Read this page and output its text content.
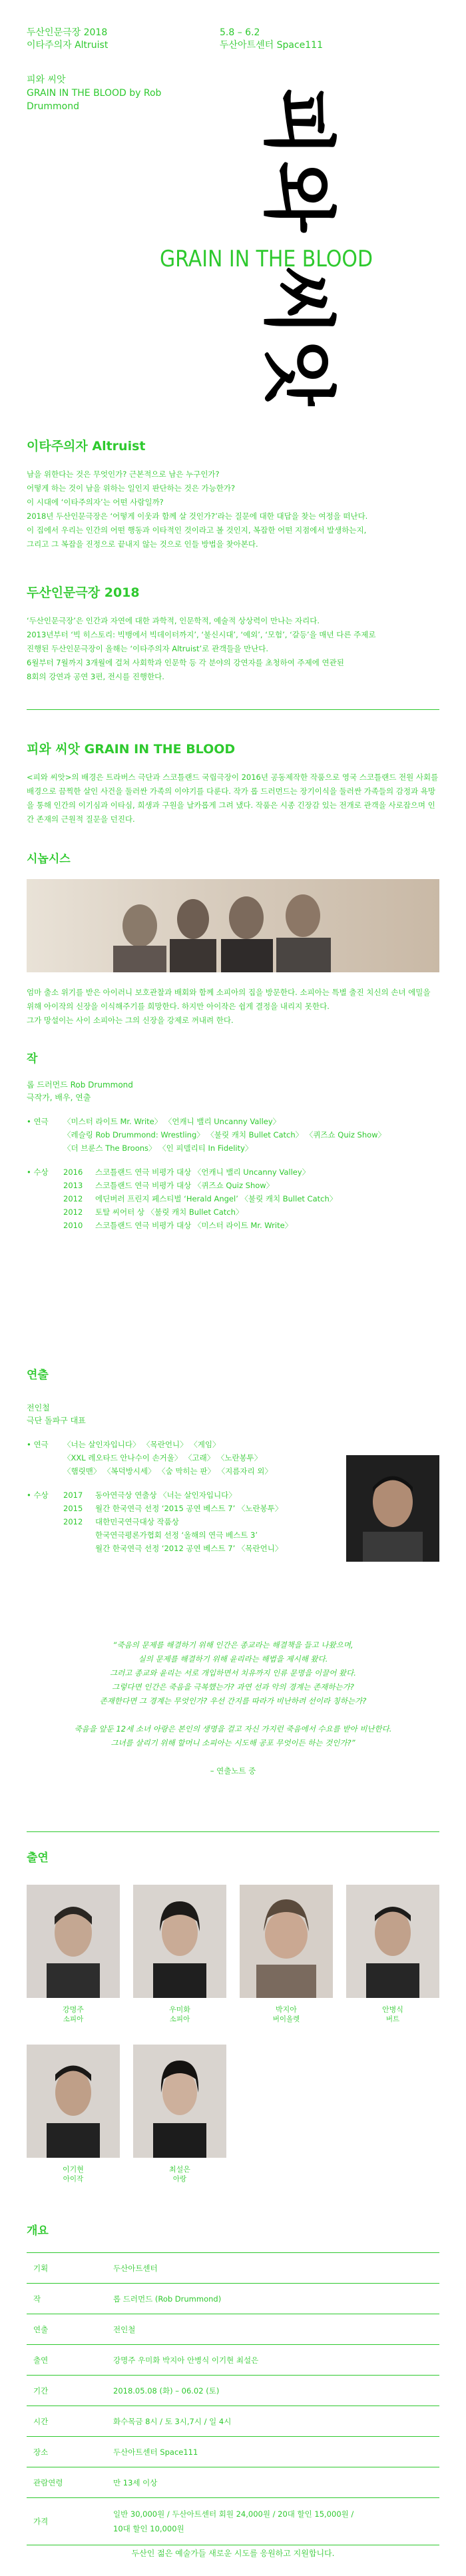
두산인문극장 2018
이타주의자 Altruist
5.8 – 6.2
두산아트센터 Space111
피와 씨앗
GRAIN IN THE BLOOD by Rob Drummond	피와 씨앗
GRAIN IN THE BLOOD
이타주의자 Altruist

남을 위한다는 것은 무엇인가? 근본적으로 남은 누구인가?
어떻게 하는 것이 남을 위하는 일인지 판단하는 것은 가능한가?
이 시대에 ‘이타주의자’는 어떤 사람일까?
2018년 두산인문극장은 ‘어떻게 이웃과 함께 살 것인가?’라는 질문에 대한 대답을 찾는 여정을 떠난다.
이 집에서 우리는 인간의 어떤 행동과 이타적인 것이라고 볼 것인지, 복잡한 어떤 지점에서 발생하는지,
그리고 그 복잡을 진정으로 끝내지 않는 것으로 인들 방법을 찾아본다.

두산인문극장 2018

‘두산인문극장’은 인간과 자연에 대한 과학적, 인문학적, 예술적 상상력이 만나는 자리다.
2013년부터 ‘빅 히스토리: 빅뱅에서 빅데이터까지’, ‘불신시대’, ‘예외’, ‘모험’, ‘갈등’을 매년 다른 주제로
진행된 두산인문극장이 올해는 ‘이타주의자 Altruist’로 관객들을 만난다.
6월부터 7월까지 3개월에 걸쳐 사회학과 인문학 등 각 분야의 강연자를 초청하여 주제에 연관된
8회의 강연과 공연 3편, 전시를 진행한다.

피와 씨앗 GRAIN IN THE BLOOD

<피와 씨앗>의 배경은 트라버스 극단과 스코틀랜드 국립극장이 2016년 공동제작한 작품으로 영국 스코틀랜드 전원 사회를 배경으로 끔찍한 살인 사건을 둘러싼 가족의 이야기를 다룬다. 작가 롭 드러먼드는 장기이식을 둘러싼 가족들의 감정과 욕망을 통해 인간의 이기심과 이타심, 희생과 구원을 날카롭게 그려 냈다. 작품은 시종 긴장감 있는 전개로 관객을 사로잡으며 인간 존재의 근원적 질문을 던진다.

시놉시스

엄마 출소 위기를 받은 아이러니 보호관찰과 배회와 함께 소피아의 집을 방문한다. 소피아는 특별 출진 치신의 손녀 에밀을 위해 아이작의 신장을 이식해주기를 희망한다. 하지만 아이작은 쉽게 결정을 내리지 못한다.
그가 망설이는 사이 소피아는 그의 신장을 강제로 꺼내려 한다.

작
롭 드러먼드 Rob Drummond
극작가, 배우, 연출
• 연극	〈미스터 라이트 Mr. Write〉 〈언캐니 밸리 Uncanny Valley〉
〈레슬링 Rob Drummond: Wrestling〉 〈불릿 캐치 Bullet Catch〉 〈퀴즈쇼 Quiz Show〉
〈더 브룬스 The Broons〉 〈인 피델리티 In Fidelity〉
• 수상	2016	스코틀랜드 연극 비평가 대상 〈언캐니 밸리 Uncanny Valley〉
2013	스코틀랜드 연극 비평가 대상 〈퀴즈쇼 Quiz Show〉
2012	에딘버러 프린지 페스티벌 ‘Herald Angel’ 〈불릿 캐치 Bullet Catch〉
2012	토탈 씨어터 상 〈불릿 캐치 Bullet Catch〉
2010	스코틀랜드 연극 비평가 대상 〈미스터 라이트 Mr. Write〉
연출
전인철
극단 돌파구 대표
• 연극	〈너는 살인자입니다〉 〈목란언니〉 〈게임〉
〈XXL 레오타드 안나수이 손거울〉 〈고래〉 〈노란봉투〉
〈햄릿맨〉 〈복덕방시세〉 〈숨 막히는 판〉 〈지름자리 외〉
• 수상	2017	동아연극상 연출상 〈너는 살인자입니다〉
2015	월간 한국연극 선정 ‘2015 공연 베스트 7’ 〈노란봉투〉
2012	대한민국연극대상 작품상
한국연극평론가협회 선정 ‘올해의 연극 베스트 3’
월간 한국연극 선정 ‘2012 공연 베스트 7’ 〈목란언니〉
“죽음의 문제를 해결하기 위해 인간은 종교라는 해결책을 들고 나왔으며,
실의 문제를 해결하기 위해 윤리라는 해법을 제시해 왔다.
그러고 종교와 윤리는 서로 개입하면서 치유까지 인류 문명을 이끌어 왔다.
그렇다면 인간은 죽음을 극복했는가? 과연 선과 악의 경계는 존재하는가?
존재한다면 그 경계는 무엇인가? 우선 간지를 따라가 비난하려 선이라 칭하는가?
죽음을 앞둔 12세 소녀 아랑은 본인의 생명을 걸고 자신 가지런 죽음에서 수요를 받아 비난한다.
그녀를 살리기 위해 할머니 소피아는 시도해 공포 무엇이든 하는 것인가?”
– 연출노트 중
출연
강명주
소피아
우미화
소피아
박지아
버이올렛
안병식
버트
이기현
아이작
최설은
아랑
개요
기획	두산아트센터
작	롭 드러먼드 (Rob Drummond)
연출	전인철
출연	강명주 우미화 박지아 안병식 이기현 최설은
기간	2018.05.08 (화) – 06.02 (토)
시간	화수목금 8시 / 토 3시,7시 / 일 4시
장소	두산아트센터 Space111
관람연령	만 13세 이상
가격	일반 30,000원 / 두산아트센터 회원 24,000원 / 20대 할인 15,000원 /
10대 할인 10,000원
두산인 젊은 예술가들 새로운 시도를 응원하고 지원합니다.
